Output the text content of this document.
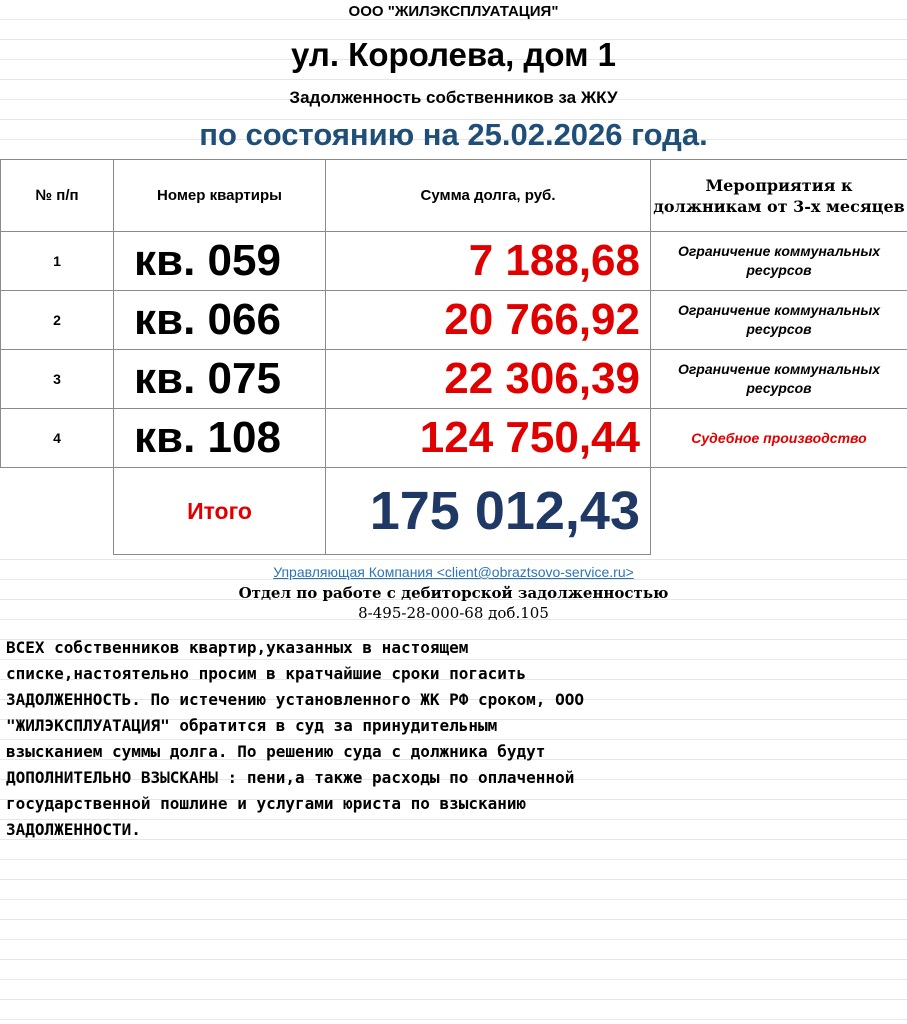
ООО "ЖИЛЭКСПЛУАТАЦИЯ"
ул. Королева, дом 1
Задолженность собственников за ЖКУ
по состоянию на 25.02.2026 года.
№ п/п	Номер квартиры	Сумма долга, руб.	Мероприятия к должникам от 3-х месяцев
1	кв. 059	7 188,68	Ограничение коммунальных ресурсов
2	кв. 066	20 766,92	Ограничение коммунальных ресурсов
3	кв. 075	22 306,39	Ограничение коммунальных ресурсов
4	кв. 108	124 750,44	Судебное производство
	Итого	175 012,43	
Управляющая Компания <client@obraztsovo-service.ru>
Отдел по работе с дебиторской задолженностью
8-495-28-000-68 доб.105

ВСЕХ собственников квартир,указанных в настоящем
списке,настоятельно просим в кратчайшие сроки погасить
ЗАДОЛЖЕННОСТЬ. По истечению установленного ЖК РФ сроком, ООО
"ЖИЛЭКСПЛУАТАЦИЯ" обратится в суд за принудительным
взысканием суммы долга. По решению суда с должника будут
ДОПОЛНИТЕЛЬНО ВЗЫСКАНЫ : пени,а также расходы по оплаченной
государственной пошлине и услугами юриста по взысканию
ЗАДОЛЖЕННОСТИ.
